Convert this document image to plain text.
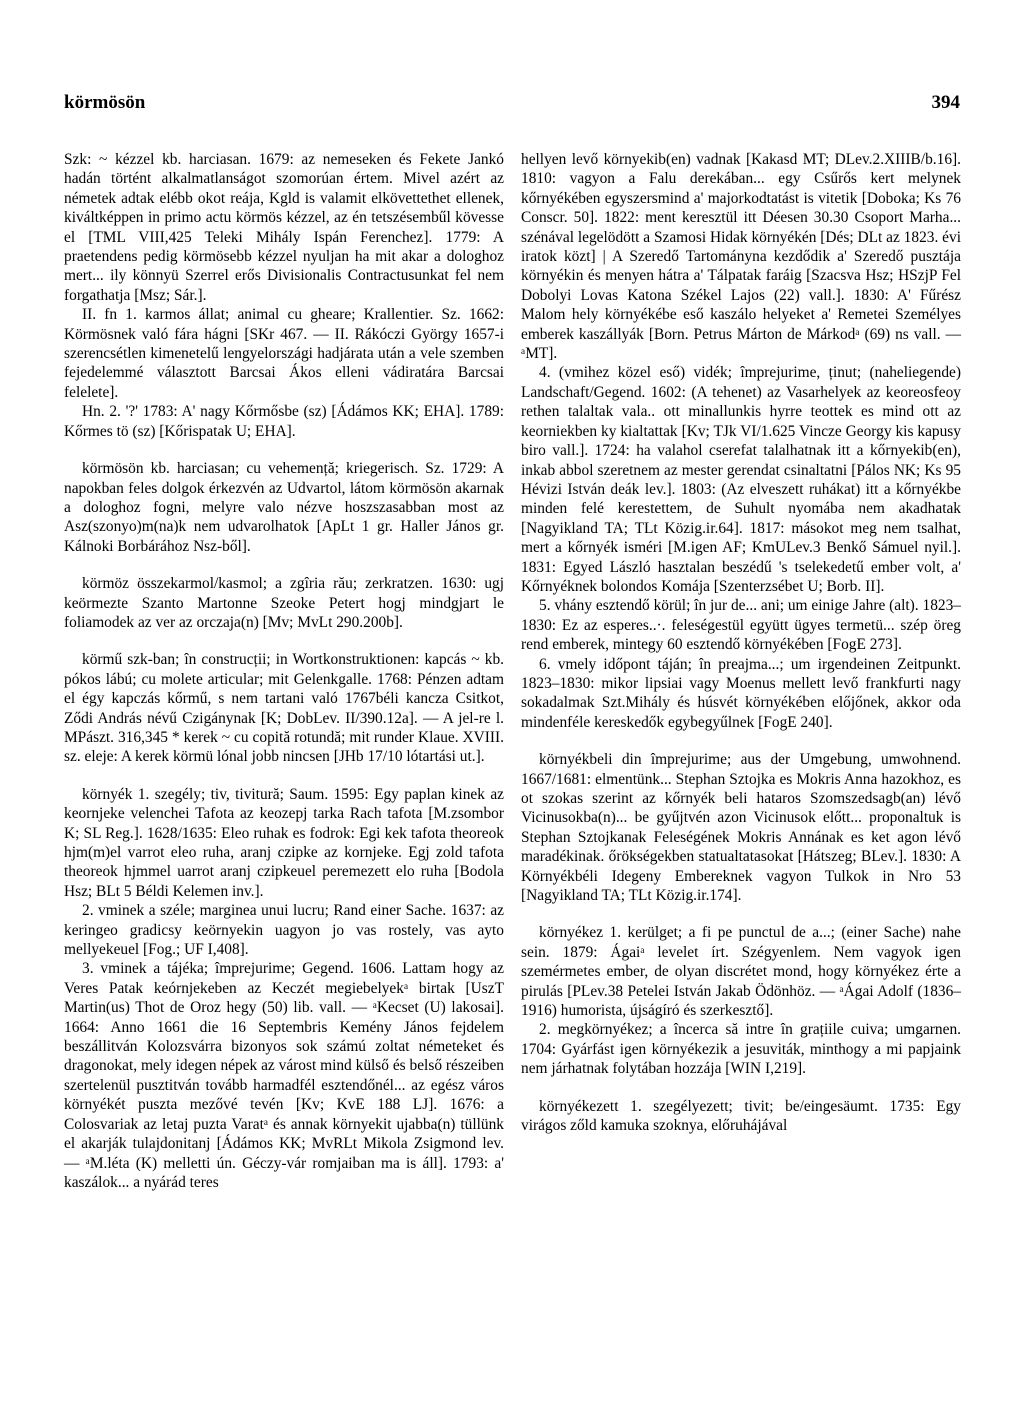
körmösön	394

Szk: ~ kézzel kb. harciasan. 1679: az nemeseken és Fekete Jankó hadán történt alkalmatlanságot szomorúan értem. Mivel azért az németek adtak elébb okot reája, Kgld is valamit elkövettethet ellenek, kiváltképpen in primo actu körmös kézzel, az én tetszésembűl kövesse el [TML VIII,425 Teleki Mihály Ispán Ferenchez]. 1779: A praetendens pedig körmösebb kézzel nyuljan ha mit akar a dologhoz mert... ily könnyü Szerrel erős Divisionalis Contractusunkat fel nem forgathatja [Msz; Sár.].

II. fn 1. karmos állat; animal cu gheare; Krallentier. Sz. 1662: Körmösnek való fára hágni [SKr 467. — II. Rákóczi György 1657-i szerencsétlen kimenetelű lengyelországi hadjárata után a vele szemben fejedelemmé választott Barcsai Ákos elleni vádiratára Barcsai felelete].

Hn. 2. '?' 1783: A' nagy Kőrmősbe (sz) [Ádámos KK; EHA]. 1789: Kőrmes tö (sz) [Kőrispatak U; EHA].

körmösön kb. harciasan; cu vehemență; kriegerisch. Sz. 1729: A napokban feles dolgok érkezvén az Udvartol, látom körmösön akarnak a dologhoz fogni, melyre valo nézve hoszszasabban most az Asz(szonyo)m(na)k nem udvarolhatok [ApLt 1 gr. Haller János gr. Kálnoki Borbárához Nsz-ből].

körmöz összekarmol/kasmol; a zgîria rău; zerkratzen. 1630: ugj keörmezte Szanto Martonne Szeoke Petert hogj mindgjart le foliamodek az ver az orczaja(n) [Mv; MvLt 290.200b].

körmű szk-ban; în construcții; in Wortkonstruktionen: kapcás ~ kb. pókos lábú; cu molete articular; mit Gelenkgalle. 1768: Pénzen adtam el égy kapczás kőrmű, s nem tartani való 1767béli kancza Csitkot, Ződi András névű Czigánynak [K; DobLev. II/390.12a]. — A jel-re l. MPászt. 316,345 * kerek ~ cu copită rotundă; mit runder Klaue. XVIII. sz. eleje: A kerek körmü lónal jobb nincsen [JHb 17/10 lótartási ut.].

környék 1. szegély; tiv, tivitură; Saum. 1595: Egy paplan kinek az keornjeke velenchei Tafota az keozepj tarka Rach tafota [M.zsombor K; SL Reg.]. 1628/1635: Eleo ruhak es fodrok: Egi kek tafota theoreok hjm(m)el varrot eleo ruha, aranj czipke az kornjeke. Egj zold tafota theoreok hjmmel uarrot aranj czipkeuel peremezett elo ruha [Bodola Hsz; BLt 5 Béldi Kelemen inv.].

2. vminek a széle; marginea unui lucru; Rand einer Sache. 1637: az keringeo gradicsy keörnyekin uagyon jo vas rostely, vas ayto mellyekeuel [Fog.; UF I,408].

3. vminek a tájéka; împrejurime; Gegend. 1606. Lattam hogy az Veres Patak keórnjekeben az Keczét megiebelyekᵃ birtak [UszT Martin(us) Thot de Oroz hegy (50) lib. vall. — ᵃKecset (U) lakosai]. 1664: Anno 1661 die 16 Septembris Kemény János fejdelem beszállitván Kolozsvárra bizonyos sok számú zoltat németeket és dragonokat, mely idegen népek az várost mind külső és belső részeiben szertelenül pusztitván tovább harmadfél esztendőnél... az egész város környékét puszta mezővé tevén [Kv; KvE 188 LJ]. 1676: a Colosvariak az letaj puzta Varatᵃ és annak környekit ujabba(n) tüllünk el akarják tulajdonitanj [Ádámos KK; MvRLt Mikola Zsigmond lev. — ᵃM.léta (K) melletti ún. Géczy-vár romjaiban ma is áll]. 1793: a' kaszálok... a nyárád teres

hellyen levő környekib(en) vadnak [Kakasd MT; DLev.2.XIIIB/b.16]. 1810: vagyon a Falu derekában... egy Csűrős kert melynek kőrnyékében egyszersmind a' majorkodtatást is vitetik [Doboka; Ks 76 Conscr. 50]. 1822: ment keresztül itt Déesen 30.30 Csoport Marha... szénával legelödött a Szamosi Hidak környékén [Dés; DLt az 1823. évi iratok közt] | A Szeredő Tartományna kezdődik a' Szeredő pusztája környékin és menyen hátra a' Tálpatak faráig [Szacsva Hsz; HSzjP Fel Dobolyi Lovas Katona Székel Lajos (22) vall.]. 1830: A' Fűrész Malom hely környékébe eső kaszálo helyeket a' Remetei Személyes emberek kaszállyák [Born. Petrus Márton de Márkodᵃ (69) ns vall. — ᵃMT].

4. (vmihez közel eső) vidék; împrejurime, ținut; (naheliegende) Landschaft/Gegend. 1602: (A tehenet) az Vasarhelyek az keoreosfeoy rethen talaltak vala.. ott minallunkis hyrre teottek es mind ott az keorniekben ky kialtattak [Kv; TJk VI/1.625 Vincze Georgy kis kapusy biro vall.]. 1724: ha valahol cserefat talalhatnak itt a kőrnyekib(en), inkab abbol szeretnem az mester gerendat csinaltatni [Pálos NK; Ks 95 Hévizi István deák lev.]. 1803: (Az elveszett ruhákat) itt a kőrnyékbe minden felé kerestettem, de Suhult nyomába nem akadhatak [Nagyikland TA; TLt Közig.ir.64]. 1817: másokot meg nem tsalhat, mert a kőrnyék isméri [M.igen AF; KmULev.3 Benkő Sámuel nyil.]. 1831: Egyed László hasztalan beszédű 's tselekedetű ember volt, a' Kőrnyéknek bolondos Komája [Szenterzsébet U; Borb. II].

5. vhány esztendő körül; în jur de... ani; um einige Jahre (alt). 1823–1830: Ez az esperes..·. feleségestül együtt ügyes termetü... szép öreg rend emberek, mintegy 60 esztendő környékében [FogE 273].

6. vmely időpont táján; în preajma...; um irgendeinen Zeitpunkt. 1823–1830: mikor lipsiai vagy Moenus mellett levő frankfurti nagy sokadalmak Szt.Mihály és húsvét környékében előjőnek, akkor oda mindenféle kereskedők egybegyűlnek [FogE 240].

környékbeli din împrejurime; aus der Umgebung, umwohnend. 1667/1681: elmentünk... Stephan Sztojka es Mokris Anna hazokhoz, es ot szokas szerint az kőrnyék beli hataros Szomszedsagb(an) lévő Vicinusokba(n)... be gyűjtvén azon Vicinusok előtt... proponaltuk is Stephan Sztojkanak Feleségének Mokris Annának es ket agon lévő maradékinak. őrökségekben statualtatasokat [Hátszeg; BLev.]. 1830: A Környékbéli Idegeny Embereknek vagyon Tulkok in Nro 53 [Nagyikland TA; TLt Közig.ir.174].

környékez 1. kerülget; a fi pe punctul de a...; (einer Sache) nahe sein. 1879: Ágaiᵃ levelet írt. Szégyenlem. Nem vagyok igen szemérmetes ember, de olyan discrétet mond, hogy környékez érte a pirulás [PLev.38 Petelei István Jakab Ödönhöz. — ᵃÁgai Adolf (1836–1916) humorista, újságíró és szerkesztő].

2. megkörnyékez; a încerca să intre în grațiile cuiva; umgarnen. 1704: Gyárfást igen környékezik a jesuviták, minthogy a mi papjaink nem járhatnak folytában hozzája [WIN I,219].

környékezett 1. szegélyezett; tivit; be/eingesäumt. 1735: Egy virágos zőld kamuka szoknya, előruhájával
